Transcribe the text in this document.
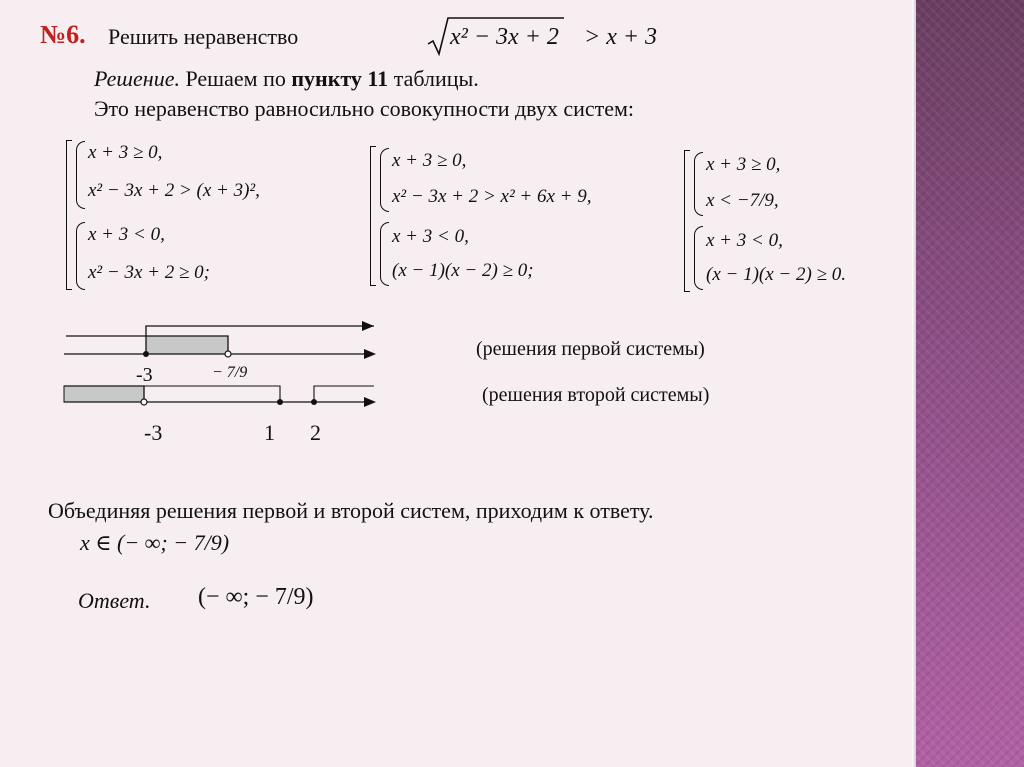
№6. Решить неравенство	x² − 3x + 2 > x + 3
Решение. Решаем по пункту 11 таблицы.
Это неравенство равносильно совокупности двух систем:
x + 3 ≥ 0,
x² − 3x + 2 > (x + 3)²,
x + 3 < 0,
x² − 3x + 2 ≥ 0;
x + 3 ≥ 0,
x² − 3x + 2 > x² + 6x + 9,
x + 3 < 0,
(x − 1)(x − 2) ≥ 0;
x + 3 ≥ 0,
x < −7/9,
x + 3 < 0,
(x − 1)(x − 2) ≥ 0.
-3	− 7/9
(решения первой системы)
-3	1 2
(решения второй системы)
Объединяя решения первой и второй систем, приходим к ответу.
x ∈ (− ∞; − 7/9)
Ответ. (− ∞; − 7/9)
